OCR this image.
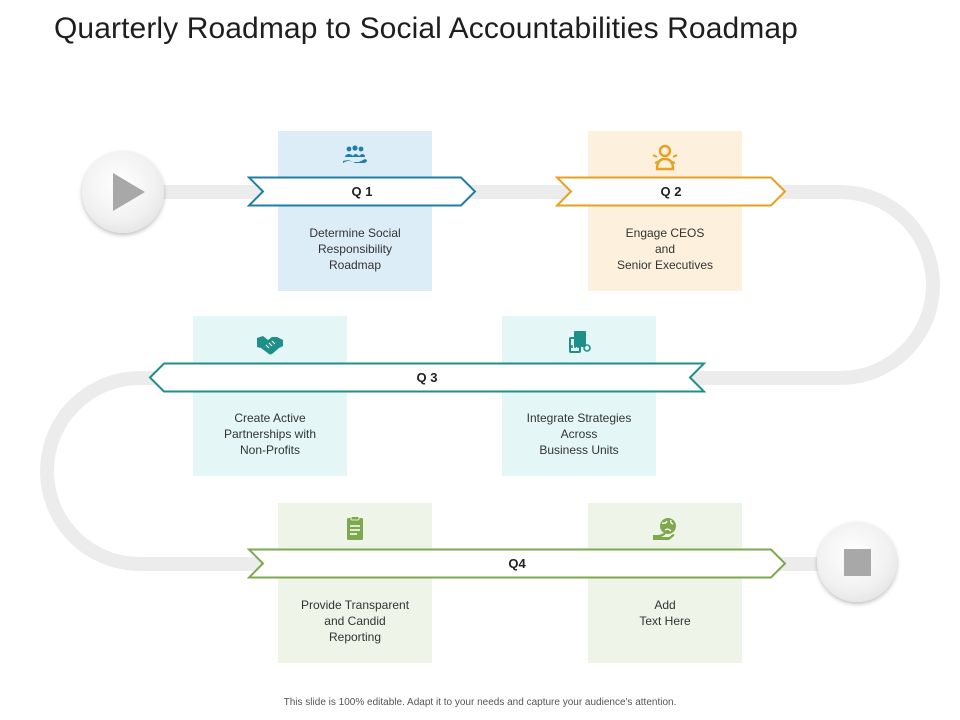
Quarterly Roadmap to Social Accountabilities Roadmap
Determine Social
Responsibility
Roadmap
Engage CEOS
and
Senior Executives
Create Active
Partnerships with
Non-Profits
Integrate Strategies
Across
Business Units
Provide Transparent
and Candid
Reporting
Add
Text Here
Q 1	Q 2
Q 3
Q4
This slide is 100% editable. Adapt it to your needs and capture your audience's attention.
